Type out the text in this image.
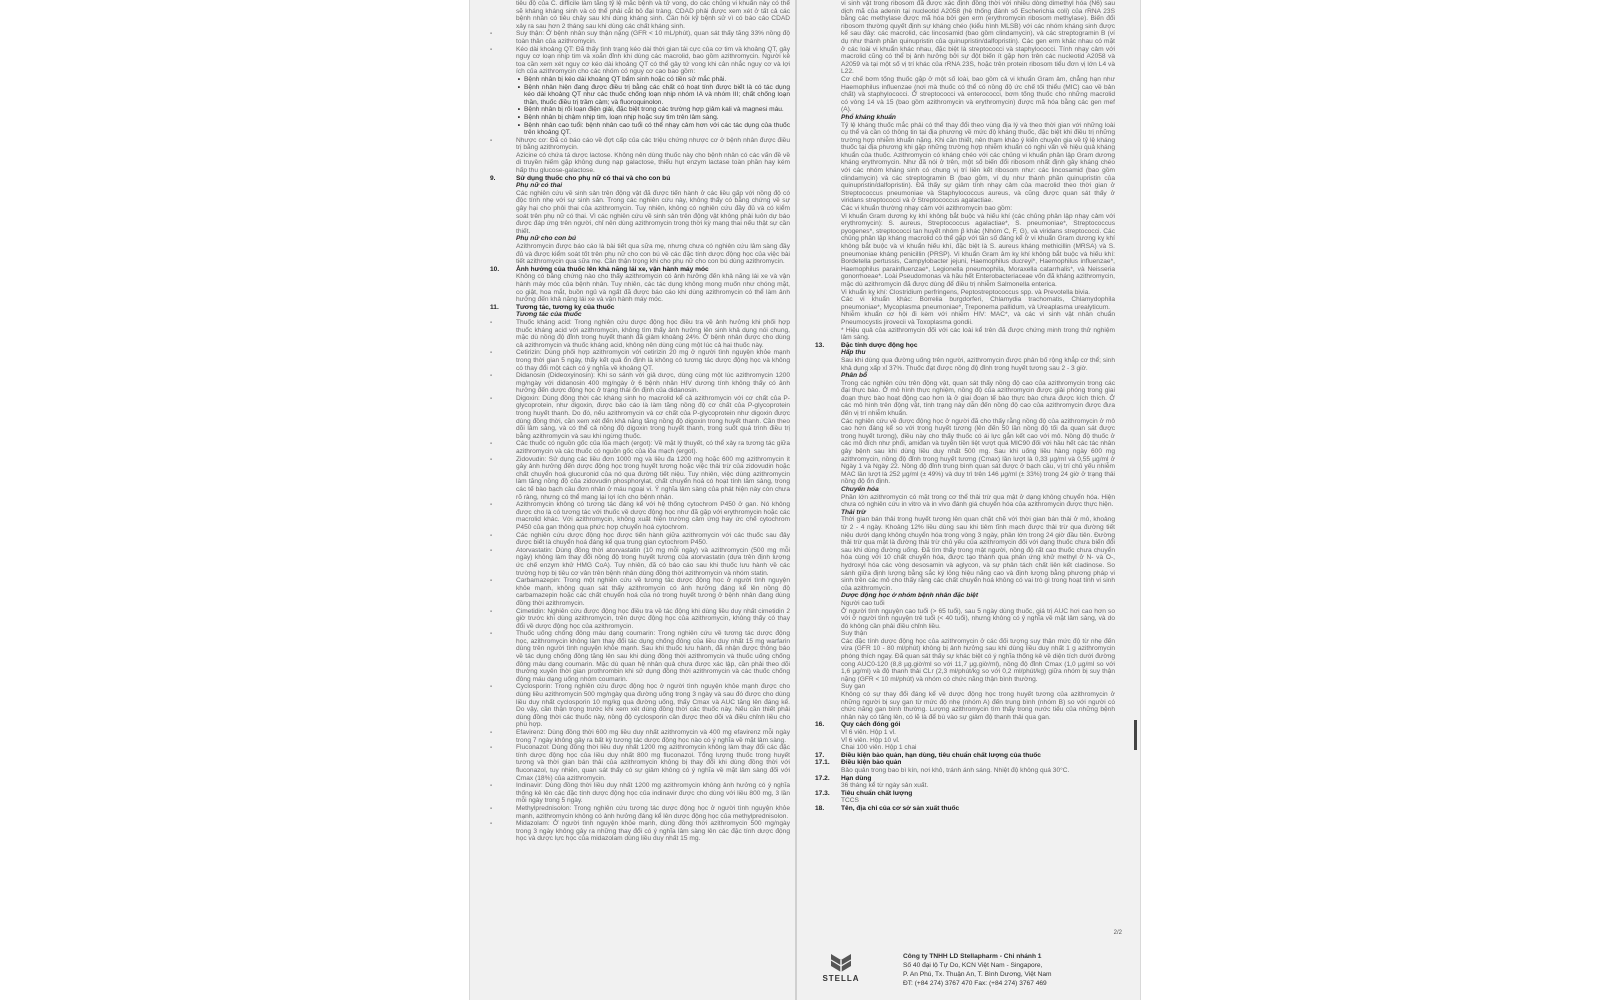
tiêu độ của C. difficile làm tăng tỷ lệ mắc bệnh và tử vong, do các chủng vi khuẩn này có thể sẽ kháng kháng sinh và có thể phải cắt bỏ đại tràng. CDAD phải được xem xét ở tất cả các bệnh nhân có tiêu chảy sau khi dùng kháng sinh. Cần hỏi kỹ bệnh sử vì có báo cáo CDAD xảy ra sau hơn 2 tháng sau khi dùng các chất kháng sinh.
-	Suy thận: Ở bệnh nhân suy thận nặng (GFR < 10 mL/phút), quan sát thấy tăng 33% nồng độ toàn thân của azithromycin.
-	Kéo dài khoảng QT: Đã thấy tình trạng kéo dài thời gian tái cực của cơ tim và khoảng QT, gây nguy cơ loạn nhịp tim và xoắn đỉnh khi dùng các macrolid, bao gồm azithromycin. Người kê toa cần xem xét nguy cơ kéo dài khoảng QT có thể gây tử vong khi cân nhắc nguy cơ và lợi ích của azithromycin cho các nhóm có nguy cơ cao bao gồm:
• Bệnh nhân bị kéo dài khoảng QT bẩm sinh hoặc có tiền sử mắc phải.
• Bệnh nhân hiện đang được điều trị bằng các chất có hoạt tính được biết là có tác dụng kéo dài khoảng QT như các thuốc chống loạn nhịp nhóm IA và nhóm III; chất chống loạn thần, thuốc điều trị trầm cảm; và fluoroquinolon.
• Bệnh nhân bị rối loạn điện giải, đặc biệt trong các trường hợp giảm kali và magnesi máu.
• Bệnh nhân bị chậm nhịp tim, loạn nhịp hoặc suy tim trên lâm sàng.
• Bệnh nhân cao tuổi: bệnh nhân cao tuổi có thể nhạy cảm hơn với các tác dụng của thuốc trên khoảng QT.
-	Nhược cơ: Đã có báo cáo về đợt cấp của các triệu chứng nhược cơ ở bệnh nhân được điều trị bằng azithromycin.
Azicine có chứa tá dược lactose. Không nên dùng thuốc này cho bệnh nhân có các vấn đề về di truyền hiếm gặp không dung nạp galactose, thiếu hụt enzym lactase toàn phần hay kém hấp thu glucose-galactose.
9.	Sử dụng thuốc cho phụ nữ có thai và cho con bú
Phụ nữ có thai
Các nghiên cứu về sinh sản trên động vật đã được tiến hành ở các liều gấp với nồng độ có độc tính nhẹ với sự sinh sản. Trong các nghiên cứu này, không thấy có bằng chứng về sự gây hại cho phôi thai của azithromycin. Tuy nhiên, không có nghiên cứu đầy đủ và có kiểm soát trên phụ nữ có thai. Vì các nghiên cứu về sinh sản trên động vật không phải luôn dự báo được đáp ứng trên người, chỉ nên dùng azithromycin trong thời kỳ mang thai nếu thật sự cần thiết.
Phụ nữ cho con bú
Azithromycin được báo cáo là bài tiết qua sữa mẹ, nhưng chưa có nghiên cứu lâm sàng đầy đủ và được kiểm soát tốt trên phụ nữ cho con bú về các đặc tính dược động học của việc bài tiết azithromycin qua sữa mẹ. Cần thận trọng khi cho phụ nữ cho con bú dùng azithromycin.
10.	Ảnh hưởng của thuốc lên khả năng lái xe, vận hành máy móc
Không có bằng chứng nào cho thấy azithromycin có ảnh hưởng đến khả năng lái xe và vận hành máy móc của bệnh nhân. Tuy nhiên, các tác dụng không mong muốn như chóng mặt, co giật, hoa mắt, buồn ngủ và ngất đã được báo cáo khi dùng azithromycin có thể làm ảnh hưởng đến khả năng lái xe và vận hành máy móc.
11.	Tương tác, tương kỵ của thuốc
Tương tác của thuốc
-	Thuốc kháng acid: Trong nghiên cứu dược động học điều tra về ảnh hưởng khi phối hợp thuốc kháng acid với azithromycin, không tìm thấy ảnh hưởng lên sinh khả dụng nói chung, mặc dù nồng độ đỉnh trong huyết thanh đã giảm khoảng 24%. Ở bệnh nhân được cho dùng cả azithromycin và thuốc kháng acid, không nên dùng cùng một lúc cả hai thuốc này.
-	Cetirizin: Dùng phối hợp azithromycin với cetirizin 20 mg ở người tình nguyện khỏe mạnh trong thời gian 5 ngày, thấy kết quả ổn định là không có tương tác dược động học và không có thay đổi một cách có ý nghĩa về khoảng QT.
-	Didanosin (Dideoxyinosin): Khi so sánh với giả dược, dùng cùng một lúc azithromycin 1200 mg/ngày với didanosin 400 mg/ngày ở 6 bệnh nhân HIV dương tính không thấy có ảnh hưởng đến dược động học ở trạng thái ổn định của didanosin.
-	Digoxin: Dùng đồng thời các kháng sinh họ macrolid kể cả azithromycin với cơ chất của P-glycoprotein, như digoxin, được báo cáo là làm tăng nồng độ cơ chất của P-glycoprotein trong huyết thanh. Do đó, nếu azithromycin và cơ chất của P-glycoprotein như digoxin được dùng đồng thời, cần xem xét đến khả năng tăng nồng độ digoxin trong huyết thanh. Cần theo dõi lâm sàng, và có thể cả nồng độ digoxin trong huyết thanh, trong suốt quá trình điều trị bằng azithromycin và sau khi ngừng thuốc.
-	Các thuốc có nguồn gốc của lõa mạch (ergot): Về mặt lý thuyết, có thể xảy ra tương tác giữa azithromycin và các thuốc có nguồn gốc của lõa mạch (ergot).
-	Zidovudin: Sử dụng các liều đơn 1000 mg và liều đa 1200 mg hoặc 600 mg azithromycin ít gây ảnh hưởng đến dược động học trong huyết tương hoặc việc thải trừ của zidovudin hoặc chất chuyển hoá glucuronid của nó qua đường tiết niệu. Tuy nhiên, việc dùng azithromycin làm tăng nồng độ của zidovudin phosphorylat, chất chuyển hoá có hoạt tính lâm sàng, trong các tế bào bạch cầu đơn nhân ở máu ngoại vi. Ý nghĩa lâm sàng của phát hiện này còn chưa rõ ràng, nhưng có thể mang lại lợi ích cho bệnh nhân.
-	Azithromycin không có tương tác đáng kể với hệ thống cytochrom P450 ở gan. Nó không được cho là có tương tác với thuốc về dược động học như đã gặp với erythromycin hoặc các macrolid khác. Với azithromycin, không xuất hiện trường cảm ứng hay ức chế cytochrom P450 của gan thông qua phức hợp chuyển hoá cytochrom.
-	Các nghiên cứu dược động học được tiến hành giữa azithromycin với các thuốc sau đây được biết là chuyển hoá đáng kể qua trung gian cytochrom P450.
-	Atorvastatin: Dùng đồng thời atorvastatin (10 mg mỗi ngày) và azithromycin (500 mg mỗi ngày) không làm thay đổi nồng độ trong huyết tương của atorvastatin (dựa trên định lượng ức chế enzym khử HMG CoA). Tuy nhiên, đã có báo cáo sau khi thuốc lưu hành về các trường hợp bị tiêu cơ vân trên bệnh nhân dùng đồng thời azithromycin và nhóm statin.
-	Carbamazepin: Trong một nghiên cứu về tương tác dược động học ở người tình nguyện khỏe mạnh, không quan sát thấy azithromycin có ảnh hưởng đáng kể lên nồng độ carbamazepin hoặc các chất chuyển hoá của nó trong huyết tương ở bệnh nhân đang dùng đồng thời azithromycin.
-	Cimetidin: Nghiên cứu được động học điều tra về tác động khi dùng liều duy nhất cimetidin 2 giờ trước khi dùng azithromycin, trên dược động học của azithromycin, không thấy có thay đổi về dược động học của azithromycin.
-	Thuốc uống chống đông máu dạng coumarin: Trong nghiên cứu về tương tác dược động học, azithromycin không làm thay đổi tác dụng chống đông của liều duy nhất 15 mg warfarin dùng trên người tình nguyện khỏe mạnh. Sau khi thuốc lưu hành, đã nhận được thông báo về tác dụng chống đông tăng lên sau khi dùng đồng thời azithromycin và thuốc uống chống đông máu dạng coumarin. Mặc dù quan hệ nhân quả chưa được xác lập, cần phải theo dõi thường xuyên thời gian prothrombin khi sử dụng đồng thời azithromycin và các thuốc chống đông máu dạng uống nhóm coumarin.
-	Cyclosporin: Trong nghiên cứu được động học ở người tình nguyện khỏe mạnh được cho dùng liều azithromycin 500 mg/ngày qua đường uống trong 3 ngày và sau đó được cho dùng liều duy nhất cyclosporin 10 mg/kg qua đường uống, thấy Cmax và AUC tăng lên đáng kể. Do vậy, cần thận trọng trước khi xem xét dùng đồng thời các thuốc này. Nếu cần thiết phải dùng đồng thời các thuốc này, nồng độ cyclosporin cần được theo dõi và điều chỉnh liều cho phù hợp.
-	Efavirenz: Dùng đồng thời 600 mg liều duy nhất azithromycin và 400 mg efavirenz mỗi ngày trong 7 ngày không gây ra bất kỳ tương tác dược động học nào có ý nghĩa về mặt lâm sàng.
-	Fluconazol: Dùng đồng thời liều duy nhất 1200 mg azithromycin không làm thay đổi các đặc tính dược động học của liều duy nhất 800 mg fluconazol. Tổng lượng thuốc trong huyết tương và thời gian bán thải của azithromycin không bị thay đổi khi dùng đồng thời với fluconazol, tuy nhiên, quan sát thấy có sự giảm không có ý nghĩa về mặt lâm sàng đối với Cmax (18%) của azithromycin.
-	Indinavir: Dùng đồng thời liều duy nhất 1200 mg azithromycin không ảnh hưởng có ý nghĩa thống kê lên các đặc tính dược động học của indinavir được cho dùng với liều 800 mg, 3 lần mỗi ngày trong 5 ngày.
-	Methylprednisolon: Trong nghiên cứu tương tác dược động học ở người tình nguyện khỏe mạnh, azithromycin không có ảnh hưởng đáng kể lên dược động học của methylprednisolon.
-	Midazolam: Ở người tình nguyện khỏe mạnh, dùng đồng thời azithromycin 500 mg/ngày trong 3 ngày không gây ra những thay đổi có ý nghĩa lâm sàng lên các đặc tính dược động học và dược lực học của midazolam dùng liều duy nhất 15 mg.
vi sinh vật trong ribosom đã được xác định đồng thời với nhiều dòng dimethyl hóa (N6) sau dịch mã của adenin tại nucleotid A2058 (hệ thống đánh số Escherichia coli) của rRNA 23S bằng các methylase được mã hóa bởi gen erm (erythromycin ribosom methylase). Biến đổi ribosom thường quyết định sự kháng chéo (kiểu hình MLSB) với các nhóm kháng sinh được kể sau đây: các macrolid, các lincosamid (bao gồm clindamycin), và các streptogramin B (ví dụ như thành phần quinupristin của quinupristin/dalfopristin). Các gen erm khác nhau có mặt ở các loài vi khuẩn khác nhau, đặc biệt là streptococci và staphylococci. Tính nhạy cảm với macrolid cũng có thể bị ảnh hưởng bởi sự đột biến ít gặp hơn trên các nucleotid A2058 và A2059 và tại một số vị trí khác của rRNA 23S, hoặc trên protein ribosom tiểu đơn vị lớn L4 và L22.
Cơ chế bơm tống thuốc gặp ở một số loài, bao gồm cả vi khuẩn Gram âm, chẳng hạn như Haemophilus influenzae (nơi mà thuốc có thể có nồng độ ức chế tối thiểu (MIC) cao về bản chất) và staphylococci. Ở streptococci và enterococci, bơm tống thuốc cho những macrolid có vòng 14 và 15 (bao gồm azithromycin và erythromycin) được mã hóa bằng các gen mef (A).
Phổ kháng khuẩn
Tỷ lệ kháng thuốc mắc phải có thể thay đổi theo vùng địa lý và theo thời gian với những loài cụ thể và cần có thông tin tại địa phương về mức độ kháng thuốc, đặc biệt khi điều trị những trường hợp nhiễm khuẩn nặng. Khi cần thiết, nên tham khảo ý kiến chuyên gia về tỷ lệ kháng thuốc tại địa phương khi gặp những trường hợp nhiễm khuẩn có nghi vấn về hiệu quả kháng khuẩn của thuốc. Azithromycin có kháng chéo với các chủng vi khuẩn phân lập Gram dương kháng erythromycin. Như đã nói ở trên, một số biến đổi ribosom nhất định gây kháng chéo với các nhóm kháng sinh có chung vị trí liên kết ribosom như: các lincosamid (bao gồm clindamycin) và các streptogramin B (bao gồm, ví dụ như thành phần quinupristin của quinupristin/dalfopristin). Đã thấy sự giảm tính nhạy cảm của macrolid theo thời gian ở Streptococcus pneumoniae và Staphylococcus aureus, và cũng được quan sát thấy ở viridans streptococci và ở Streptococcus agalactiae.
Các vi khuẩn thường nhạy cảm với azithromycin bao gồm:
Vi khuẩn Gram dương kỵ khí không bắt buộc và hiếu khí (các chủng phân lập nhạy cảm với erythromycin): S. aureus, Streptococcus agalactiae*, S. pneumoniae*, Streptococcus pyogenes*, streptococci tan huyết nhóm β khác (Nhóm C, F, G), và viridans streptococci. Các chủng phân lập kháng macrolid có thể gặp với tần số đáng kể ở vi khuẩn Gram dương kỵ khí không bắt buộc và vi khuẩn hiếu khí, đặc biệt là S. aureus kháng methicillin (MRSA) và S. pneumoniae kháng penicillin (PRSP). Vi khuẩn Gram âm kỵ khí không bắt buộc và hiếu khí: Bordetella pertussis, Campylobacter jejuni, Haemophilus ducreyi*, Haemophilus influenzae*, Haemophilus parainfluenzae*, Legionella pneumophila, Moraxella catarrhalis*, và Neisseria gonorrhoeae*. Loài Pseudomonas và hầu hết Enterobacteriaceae vốn đã kháng azithromycin, mặc dù azithromycin đã được dùng để điều trị nhiễm Salmonella enterica.
Vi khuẩn kỵ khí: Clostridium perfringens, Peptostreptococcus spp. và Prevotella bivia.
Các vi khuẩn khác: Borrelia burgdorferi, Chlamydia trachomatis, Chlamydophila pneumoniae*, Mycoplasma pneumoniae*, Treponema pallidum, và Ureaplasma urealyticum.
Nhiễm khuẩn cơ hội đi kèm với nhiễm HIV: MAC*, và các vi sinh vật nhân chuẩn Pneumocystis jirovecii và Toxoplasma gondii.
* Hiệu quả của azithromycin đối với các loài kể trên đã được chứng minh trong thử nghiệm lâm sàng.
13.	Đặc tính dược động học
Hấp thu
Sau khi dùng qua đường uống trên người, azithromycin được phân bố rộng khắp cơ thể; sinh khả dụng xấp xỉ 37%. Thuốc đạt được nồng độ đỉnh trong huyết tương sau 2 - 3 giờ.
Phân bố
Trong các nghiên cứu trên động vật, quan sát thấy nồng độ cao của azithromycin trong các đại thực bào. Ở mô hình thực nghiệm, nồng độ của azithromycin được giải phóng trong giai đoạn thực bào hoạt động cao hơn là ở giai đoạn tế bào thực bào chưa được kích thích. Ở các mô hình trên động vật, tính trạng này dẫn đến nồng độ cao của azithromycin được đưa đến vị trí nhiễm khuẩn.
Các nghiên cứu về được động học ở người đã cho thấy rằng nồng độ của azithromycin ở mô cao hơn đáng kể so với trong huyết tương (lên đến 50 lần nồng độ tối đa quan sát được trong huyết tương), điều này cho thấy thuốc có ái lực gắn kết cao với mô. Nồng độ thuốc ở các mô đích như phổi, amiđan và tuyến tiền liệt vượt quá MIC90 đối với hầu hết các tác nhân gây bệnh sau khi dùng liều duy nhất 500 mg. Sau khi uống liều hàng ngày 600 mg azithromycin, nồng độ đỉnh trong huyết tương (Cmax) lần lượt là 0,33 µg/ml và 0,55 µg/ml ở Ngày 1 và Ngày 22. Nồng độ đỉnh trung bình quan sát được ở bạch cầu, vị trí chủ yếu nhiễm MAC lần lượt là 252 µg/ml (± 49%) và duy trì trên 146 µg/ml (± 33%) trong 24 giờ ở trạng thái nồng độ ổn định.
Chuyển hóa
Phần lớn azithromycin có mặt trong cơ thể thải trừ qua mật ở dạng không chuyển hóa. Hiện chưa có nghiên cứu in vitro và in vivo đánh giá chuyển hóa của azithromycin được thực hiện.
Thải trừ
Thời gian bán thải trong huyết tương lên quan chặt chẽ với thời gian bán thải ở mô, khoảng từ 2 - 4 ngày. Khoảng 12% liều dùng sau khi tiêm tĩnh mạch được thải trừ qua đường tiết niệu dưới dạng không chuyển hóa trong vòng 3 ngày, phần lớn trong 24 giờ đầu tiên. Đường thải trừ qua mật là đường thải trừ chủ yếu của azithromycin đối với dạng thuốc chưa biến đổi sau khi dùng đường uống. Đã tìm thấy trong mật người, nồng độ rất cao thuốc chưa chuyển hóa cùng với 10 chất chuyển hóa, được tạo thành qua phản ứng khử methyl ở N- và O-, hydroxyl hóa các vòng desosamin và aglycon, và sự phân tách chất liên kết cladinose. So sánh giữa định lượng bằng sắc ký lỏng hiệu năng cao và định lượng bằng phương pháp vi sinh trên các mô cho thấy rằng các chất chuyển hoá không có vai trò gì trong hoạt tính vi sinh của azithromycin.
Dược động học ở nhóm bệnh nhân đặc biệt
Người cao tuổi
Ở người tình nguyện cao tuổi (> 65 tuổi), sau 5 ngày dùng thuốc, giá trị AUC hơi cao hơn so với ở người tình nguyện trẻ tuổi (< 40 tuổi), nhưng không có ý nghĩa về mặt lâm sàng, và do đó không cần phải điều chỉnh liều.
Suy thận
Các đặc tính dược động học của azithromycin ở các đối tượng suy thận mức độ từ nhẹ đến vừa (GFR 10 - 80 ml/phút) không bị ảnh hưởng sau khi dùng liều duy nhất 1 g azithromycin phóng thích ngay. Đã quan sát thấy sự khác biệt có ý nghĩa thống kê về diện tích dưới đường cong AUC0-120 (8,8 µg.giờ/ml so với 11,7 µg.giờ/ml), nồng độ đỉnh Cmax (1,0 µg/ml so với 1,6 µg/ml) và độ thanh thải CLr (2,3 ml/phút/kg so với 0,2 ml/phút/kg) giữa nhóm bị suy thận nặng (GFR < 10 ml/phút) và nhóm có chức năng thận bình thường.
Suy gan
Không có sự thay đổi đáng kể về dược động học trong huyết tương của azithromycin ở những người bị suy gan từ mức độ nhẹ (nhóm A) đến trung bình (nhóm B) so với người có chức năng gan bình thường. Lượng azithromycin tìm thấy trong nước tiểu của những bệnh nhân này có tăng lên, có lẽ là để bù vào sự giảm độ thanh thải qua gan.
16.	Quy cách đóng gói
Vỉ 6 viên. Hộp 1 vỉ.
Vỉ 6 viên. Hộp 10 vỉ.
Chai 100 viên. Hộp 1 chai
17.	Điều kiện bảo quản, hạn dùng, tiêu chuẩn chất lượng của thuốc
17.1.	Điều kiện bảo quản
Bảo quản trong bao bì kín, nơi khô, tránh ánh sáng. Nhiệt độ không quá 30°C.
17.2.	Hạn dùng
36 tháng kể từ ngày sản xuất.
17.3.	Tiêu chuẩn chất lượng
TCCS
18.	Tên, địa chỉ của cơ sở sản xuất thuốc
STELLA
Công ty TNHH LD Stellapharm - Chi nhánh 1
Số 40 đại lộ Tự Do, KCN Việt Nam - Singapore,
P. An Phú, Tx. Thuận An, T. Bình Dương, Việt Nam
ĐT: (+84 274) 3767 470 Fax: (+84 274) 3767 469
2/2
